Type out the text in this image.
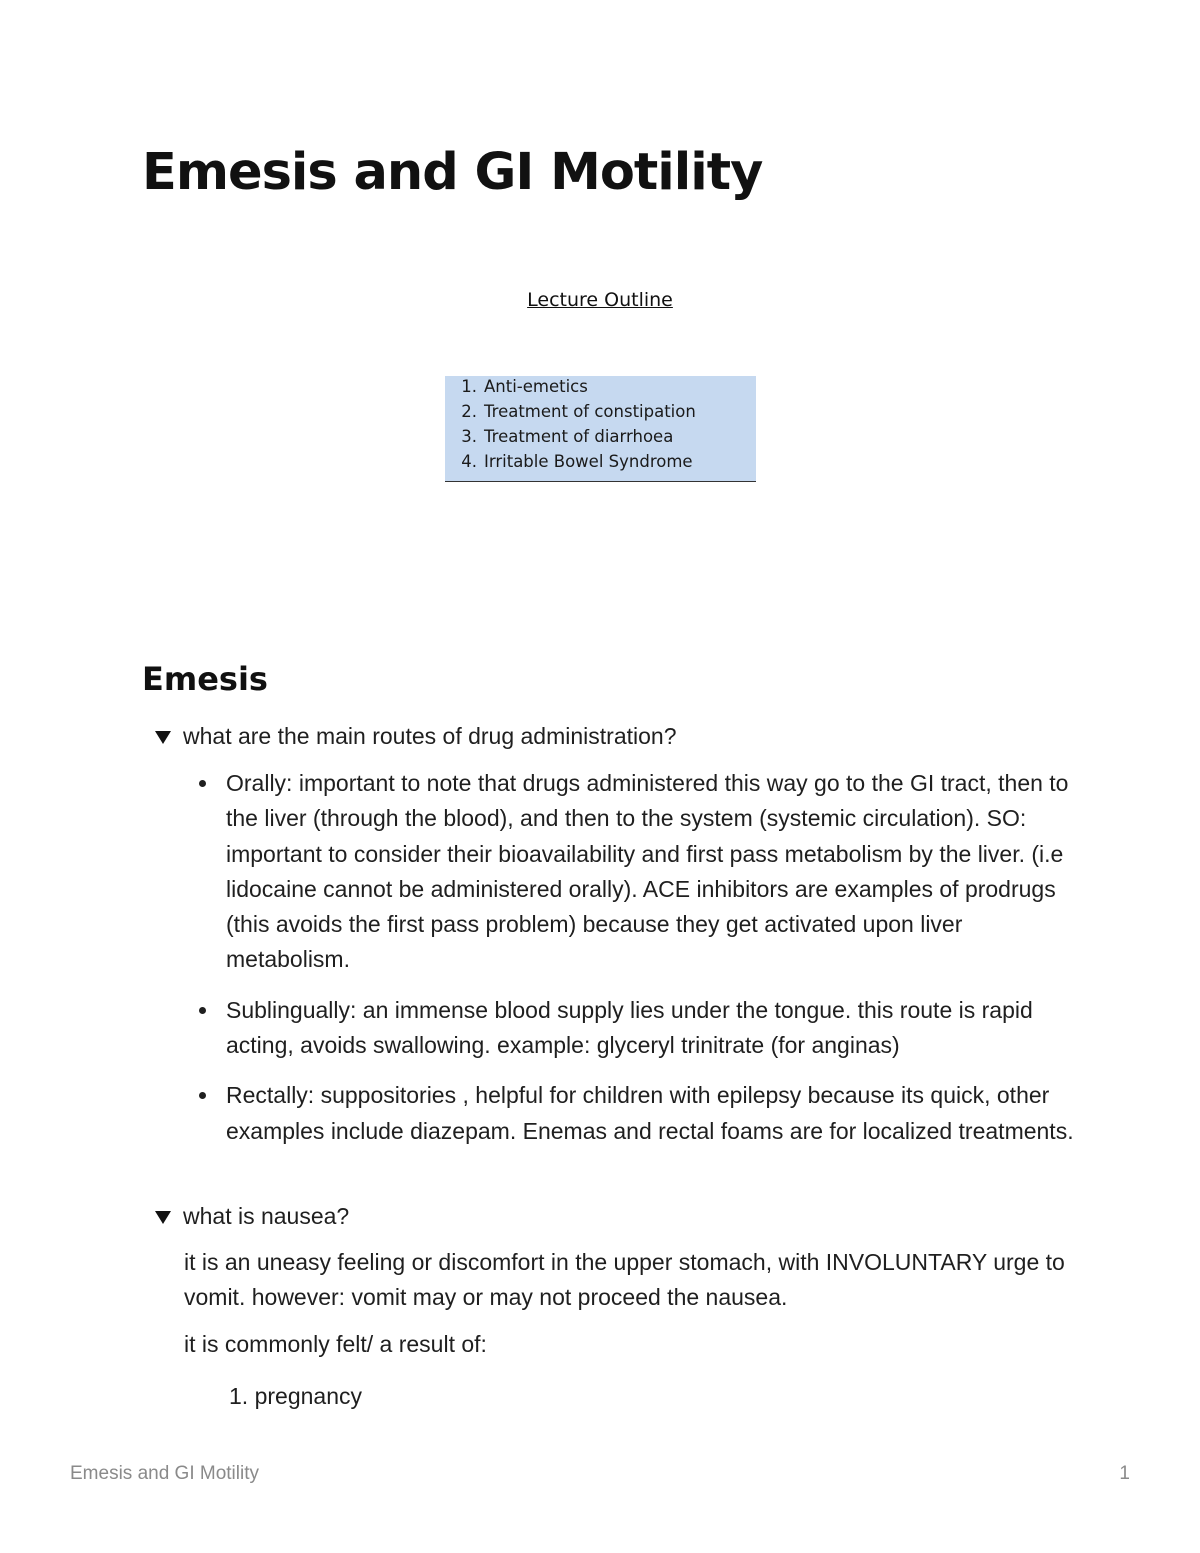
Emesis and GI Motility
Lecture Outline
1. Anti-emetics
2. Treatment of constipation
3. Treatment of diarrhoea
4. Irritable Bowel Syndrome
Emesis
what are the main routes of drug administration?
Orally: important to note that drugs administered this way go to the GI tract, then to the liver (through the blood), and then to the system (systemic circulation). SO: important to consider their bioavailability and first pass metabolism by the liver. (i.e lidocaine cannot be administered orally). ACE inhibitors are examples of prodrugs (this avoids the first pass problem) because they get activated upon liver metabolism.
Sublingually: an immense blood supply lies under the tongue. this route is rapid acting, avoids swallowing. example: glyceryl trinitrate (for anginas)
Rectally: suppositories , helpful for children with epilepsy because its quick, other examples include diazepam. Enemas and rectal foams are for localized treatments.
what is nausea?

it is an uneasy feeling or discomfort in the upper stomach, with INVOLUNTARY urge to vomit. however: vomit may or may not proceed the nausea.

it is commonly felt/ a result of:

1. pregnancy
Emesis and GI Motility	1
